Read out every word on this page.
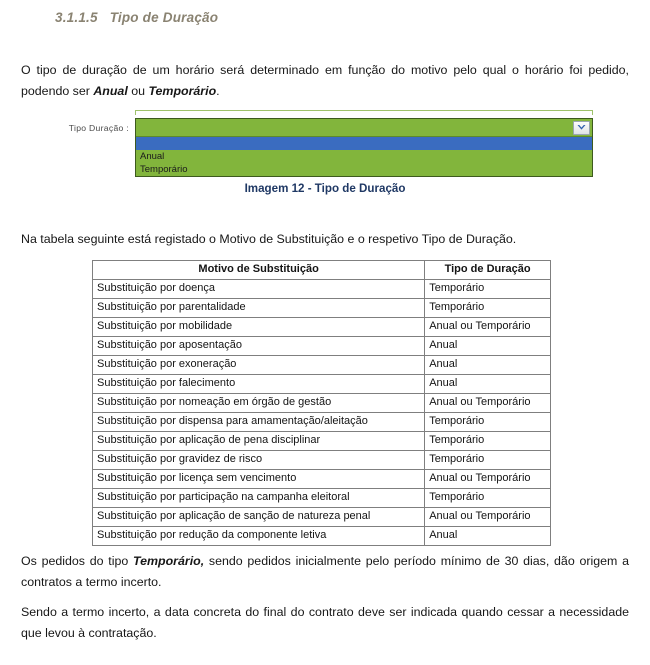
3.1.1.5 Tipo de Duração
O tipo de duração de um horário será determinado em função do motivo pelo qual o horário foi pedido, podendo ser Anual ou Temporário.
Tipo Duração :
Anual
Temporário
Imagem 12 - Tipo de Duração
Na tabela seguinte está registado o Motivo de Substituição e o respetivo Tipo de Duração.
Motivo de Substituição	Tipo de Duração
Substituição por doença	Temporário
Substituição por parentalidade	Temporário
Substituição por mobilidade	Anual ou Temporário
Substituição por aposentação	Anual
Substituição por exoneração	Anual
Substituição por falecimento	Anual
Substituição por nomeação em órgão de gestão	Anual ou Temporário
Substituição por dispensa para amamentação/aleitação	Temporário
Substituição por aplicação de pena disciplinar	Temporário
Substituição por gravidez de risco	Temporário
Substituição por licença sem vencimento	Anual ou Temporário
Substituição por participação na campanha eleitoral	Temporário
Substituição por aplicação de sanção de natureza penal	Anual ou Temporário
Substituição por redução da componente letiva	Anual
Os pedidos do tipo Temporário, sendo pedidos inicialmente pelo período mínimo de 30 dias, dão origem a contratos a termo incerto.
Sendo a termo incerto, a data concreta do final do contrato deve ser indicada quando cessar a necessidade que levou à contratação.
